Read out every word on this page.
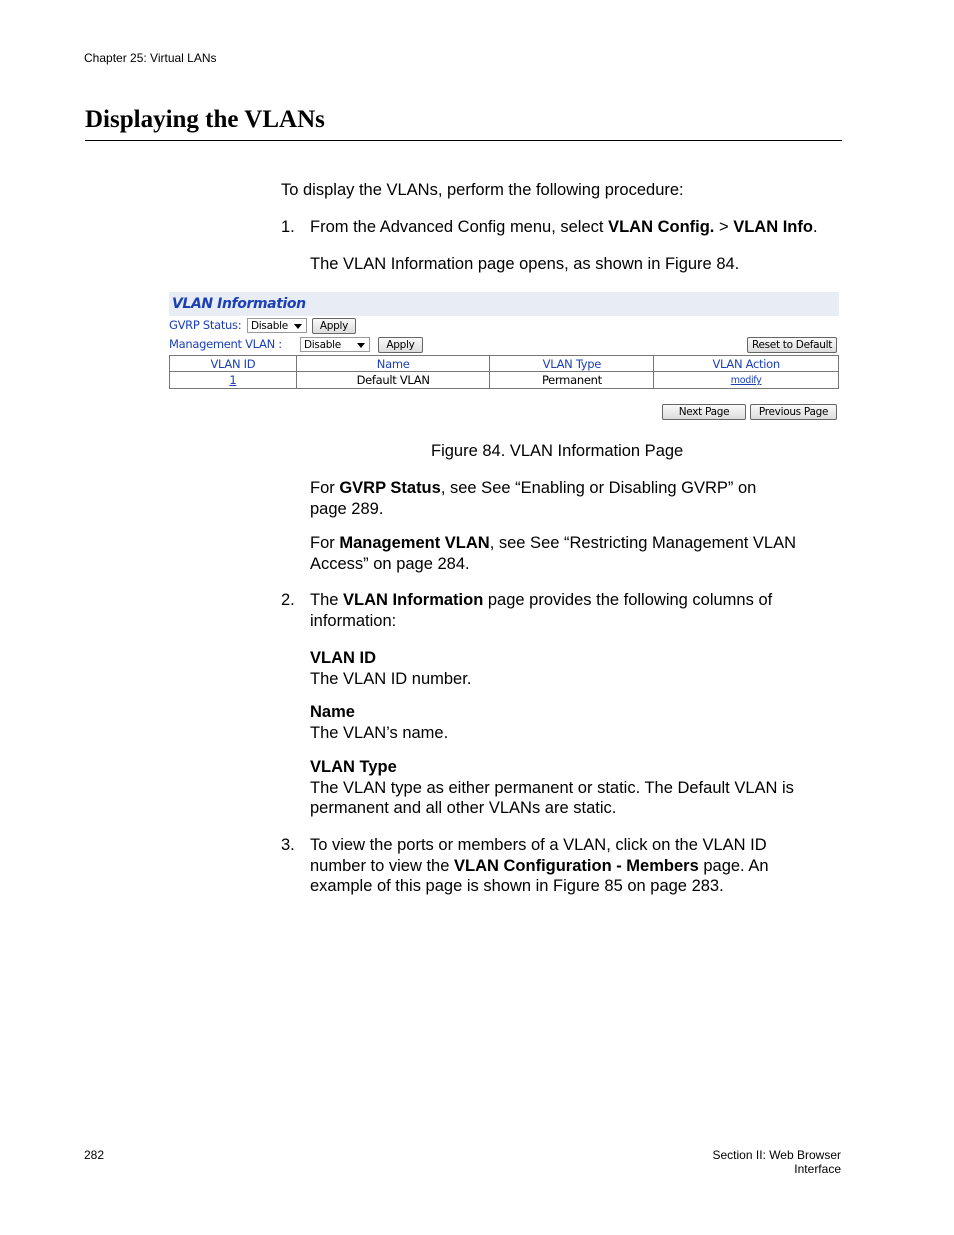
Chapter 25: Virtual LANs
Displaying the VLANs
To display the VLANs, perform the following procedure:
1. From the Advanced Config menu, select VLAN Config. > VLAN Info.
The VLAN Information page opens, as shown in Figure 84.
VLAN Information
GVRP Status: Disable	Apply
Management VLAN :	Disable	Apply	Reset to Default
VLAN ID	Name	VLAN Type	VLAN Action
1	Default VLAN	Permanent	modify
Next Page	Previous Page
Figure 84. VLAN Information Page
For GVRP Status, see See “Enabling or Disabling GVRP” on page 289.
For Management VLAN, see See “Restricting Management VLAN Access” on page 284.
2. The VLAN Information page provides the following columns of information:
VLAN ID
The VLAN ID number.
Name
The VLAN’s name.
VLAN Type
The VLAN type as either permanent or static. The Default VLAN is permanent and all other VLANs are static.
3. To view the ports or members of a VLAN, click on the VLAN ID number to view the VLAN Configuration - Members page. An example of this page is shown in Figure 85 on page 283.
282	Section II: Web Browser Interface
